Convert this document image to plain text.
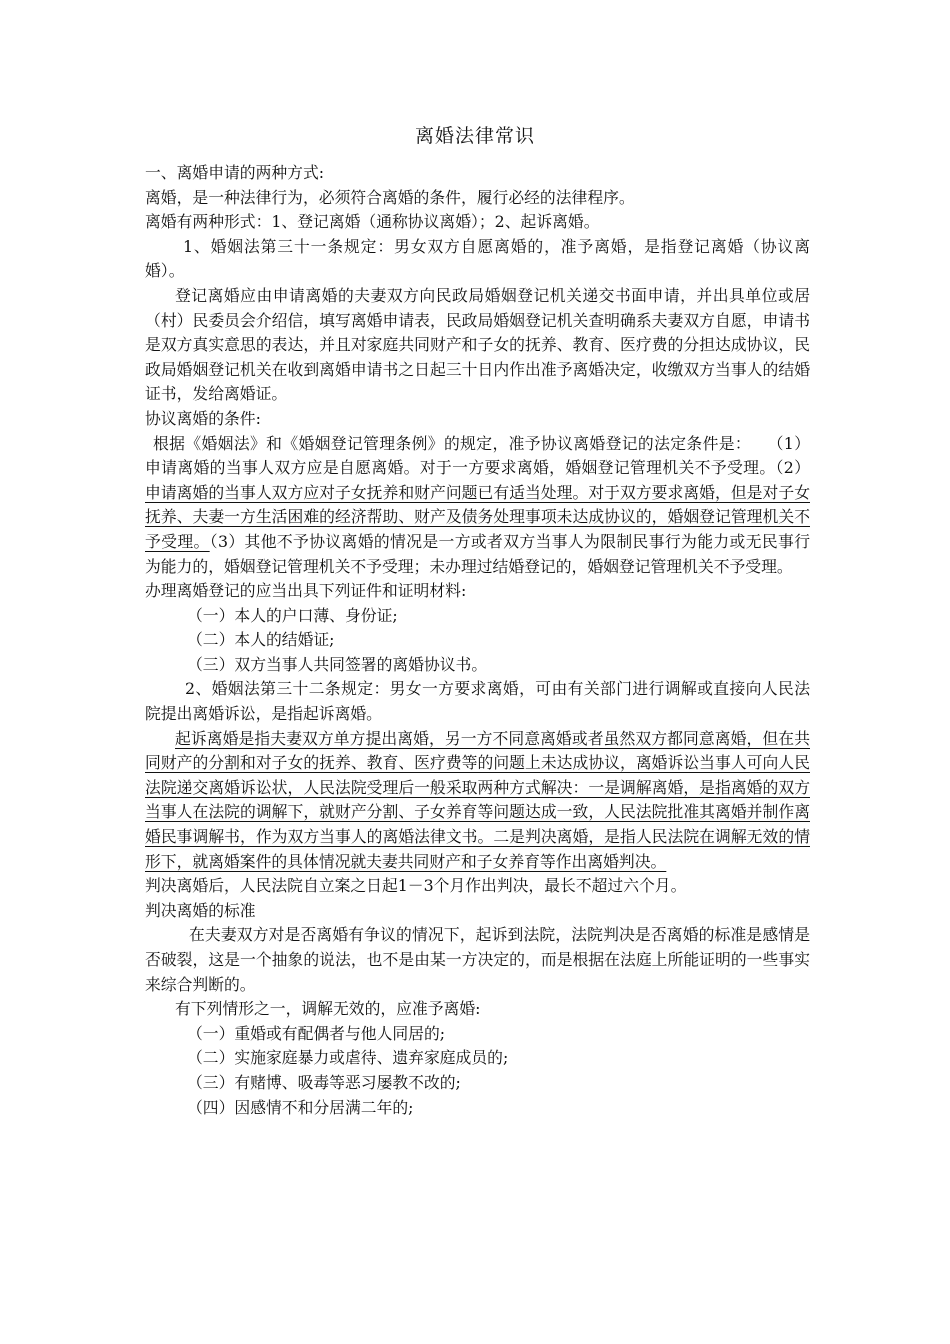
离婚法律常识

一、离婚申请的两种方式:

离婚，是一种法律行为，必须符合离婚的条件，履行必经的法律程序。

离婚有两种形式：1、登记离婚（通称协议离婚）；2、起诉离婚。

1、婚姻法第三十一条规定：男女双方自愿离婚的，准予离婚，是指登记离婚（协议离婚）。

登记离婚应由申请离婚的夫妻双方向民政局婚姻登记机关递交书面申请，并出具单位或居（村）民委员会介绍信，填写离婚申请表，民政局婚姻登记机关查明确系夫妻双方自愿，申请书是双方真实意思的表达，并且对家庭共同财产和子女的抚养、教育、医疗费的分担达成协议，民政局婚姻登记机关在收到离婚申请书之日起三十日内作出准予离婚决定，收缴双方当事人的结婚证书，发给离婚证。

协议离婚的条件:

根据《婚姻法》和《婚姻登记管理条例》的规定，准予协议离婚登记的法定条件是：　　（1）申请离婚的当事人双方应是自愿离婚。对于一方要求离婚，婚姻登记管理机关不予受理。（2）申请离婚的当事人双方应对子女抚养和财产问题已有适当处理。对于双方要求离婚，但是对子女抚养、夫妻一方生活困难的经济帮助、财产及债务处理事项未达成协议的，婚姻登记管理机关不予受理。（3）其他不予协议离婚的情况是一方或者双方当事人为限制民事行为能力或无民事行为能力的，婚姻登记管理机关不予受理；未办理过结婚登记的，婚姻登记管理机关不予受理。

办理离婚登记的应当出具下列证件和证明材料:

（一）本人的户口薄、身份证;

（二）本人的结婚证;

（三）双方当事人共同签署的离婚协议书。

2、婚姻法第三十二条规定：男女一方要求离婚，可由有关部门进行调解或直接向人民法院提出离婚诉讼，是指起诉离婚。

起诉离婚是指夫妻双方单方提出离婚，另一方不同意离婚或者虽然双方都同意离婚，但在共同财产的分割和对子女的抚养、教育、医疗费等的问题上未达成协议，离婚诉讼当事人可向人民法院递交离婚诉讼状，人民法院受理后一般采取两种方式解决：一是调解离婚，是指离婚的双方当事人在法院的调解下，就财产分割、子女养育等问题达成一致，人民法院批准其离婚并制作离婚民事调解书，作为双方当事人的离婚法律文书。二是判决离婚，是指人民法院在调解无效的情形下，就离婚案件的具体情况就夫妻共同财产和子女养育等作出离婚判决。

判决离婚后，人民法院自立案之日起1－3个月作出判决，最长不超过六个月。

判决离婚的标准

在夫妻双方对是否离婚有争议的情况下，起诉到法院，法院判决是否离婚的标准是感情是否破裂，这是一个抽象的说法，也不是由某一方决定的，而是根据在法庭上所能证明的一些事实来综合判断的。

有下列情形之一，调解无效的，应准予离婚:

（一）重婚或有配偶者与他人同居的;

（二）实施家庭暴力或虐待、遗弃家庭成员的;

（三）有赌博、吸毒等恶习屡教不改的;

（四）因感情不和分居满二年的;
